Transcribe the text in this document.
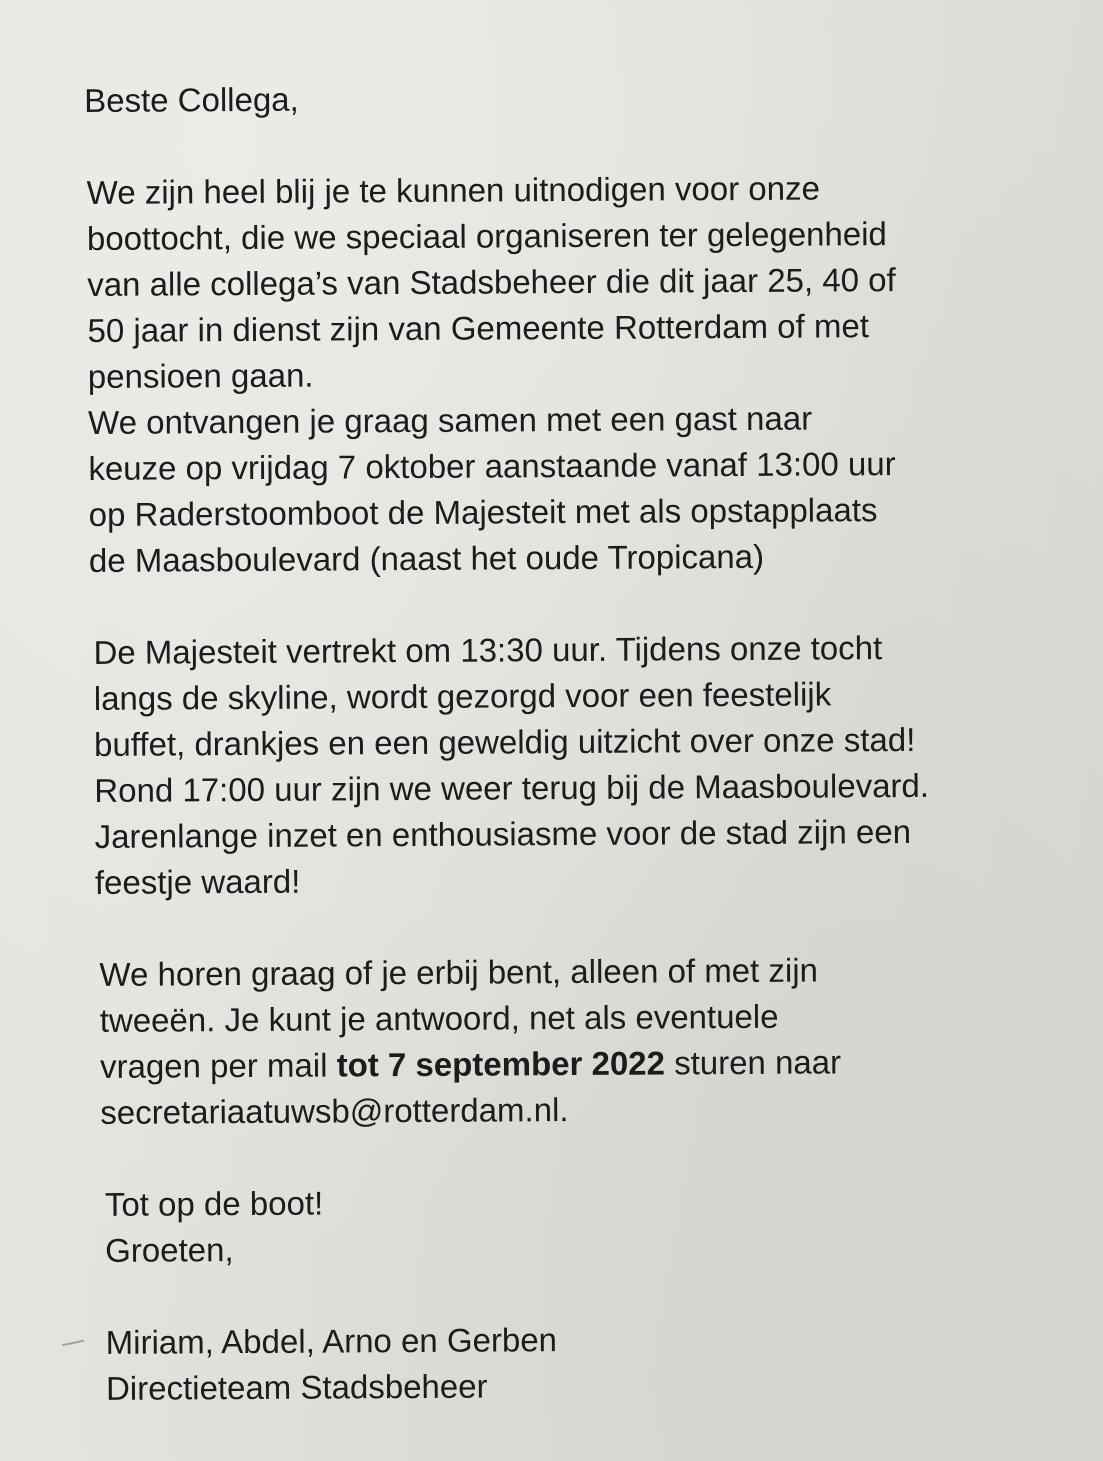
Beste Collega,

We zijn heel blij je te kunnen uitnodigen voor onze
boottocht, die we speciaal organiseren ter gelegenheid
van alle collega’s van Stadsbeheer die dit jaar 25, 40 of
50 jaar in dienst zijn van Gemeente Rotterdam of met
pensioen gaan.

We ontvangen je graag samen met een gast naar
keuze op vrijdag 7 oktober aanstaande vanaf 13:00 uur
op Raderstoomboot de Majesteit met als opstapplaats
de Maasboulevard (naast het oude Tropicana)

De Majesteit vertrekt om 13:30 uur. Tijdens onze tocht
langs de skyline, wordt gezorgd voor een feestelijk
buffet, drankjes en een geweldig uitzicht over onze stad!
Rond 17:00 uur zijn we weer terug bij de Maasboulevard.
Jarenlange inzet en enthousiasme voor de stad zijn een
feestje waard!

We horen graag of je erbij bent, alleen of met zijn
tweeën. Je kunt je antwoord, net als eventuele
vragen per mail tot 7 september 2022 sturen naar
secretariaatuwsb@rotterdam.nl.

Tot op de boot!
Groeten,

Miriam, Abdel, Arno en Gerben
Directieteam Stadsbeheer
